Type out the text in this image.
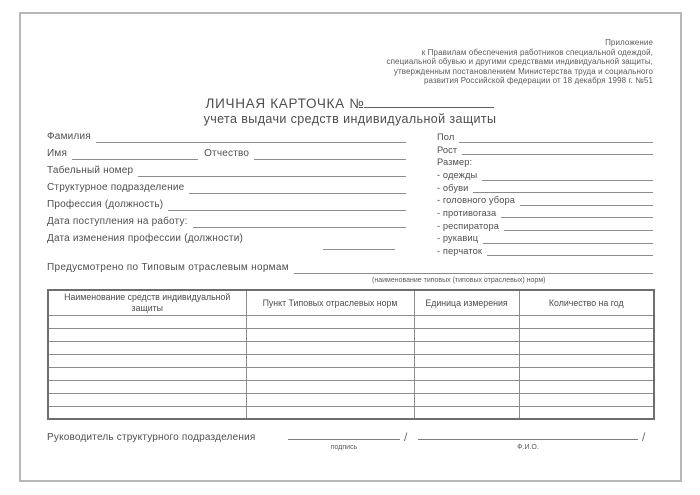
Приложение
к Правилам обеспечения работников специальной одеждой,
специальной обувью и другими средствами индивидуальной защиты,
утвержденным постановлением Министерства труда и социального
развития Российской федерации от 18 декабря 1998 г. №51
ЛИЧНАЯ КАРТОЧКА №
учета выдачи средств индивидуальной защиты
Фамилия
Имя	Отчество
Табельный номер
Структурное подразделение
Профессия (должность)
Дата поступления на работу:
Дата изменения профессии (должности)
Пол
Рост
Размер:
- одежды
- обуви
- головного убора
- противогаза
- респиратора
- рукавиц
- перчаток
Предусмотрено по Типовым отраслевым нормам
(наименование типовых (типовых отраслевых) норм)
Наименование средств индивидуальной защиты	Пункт Типовых отраслевых норм	Единица измерения	Количество на год

Руководитель структурного подразделения	/	/
подпись	Ф.И.О.
